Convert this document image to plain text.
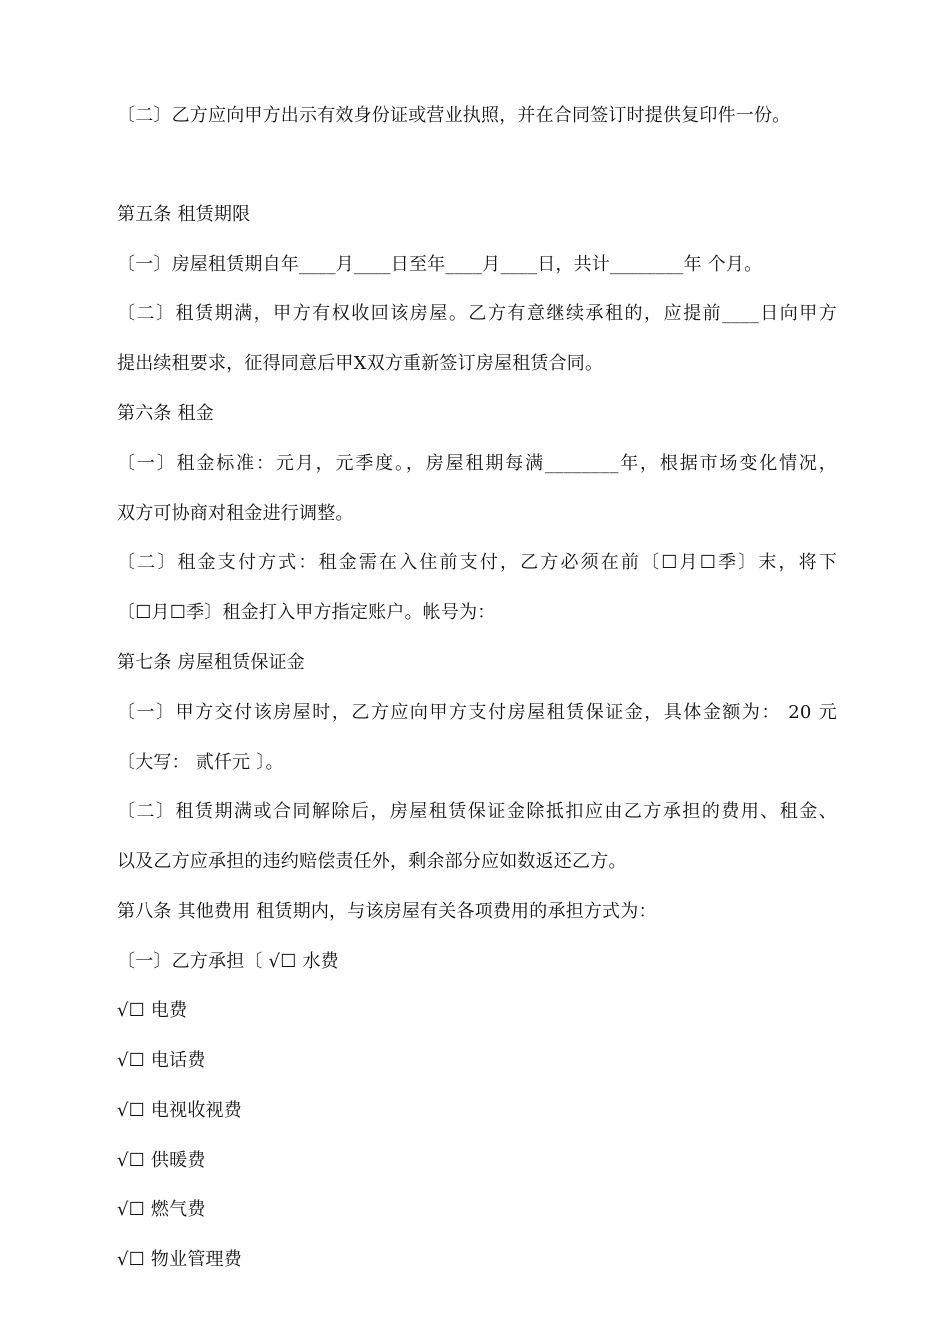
〔二〕乙方应向甲方出示有效身份证或营业执照，并在合同签订时提供复印件一份。
第五条 租赁期限
〔一〕房屋租赁期自年____月____日至年____月____日，共计________年 个月。
〔二〕租赁期满，甲方有权收回该房屋。乙方有意继续承租的，应提前____日向甲方
提出续租要求，征得同意后甲X双方重新签订房屋租赁合同。
第六条 租金
〔一〕租金标准：元月，元季度。，房屋租期每满________年，根据市场变化情况，
双方可协商对租金进行调整。
〔二〕租金支付方式：租金需在入住前支付，乙方必须在前〔☐月☐季〕末，将下
〔☐月☐季〕租金打入甲方指定账户。帐号为：
第七条 房屋租赁保证金
〔一〕甲方交付该房屋时，乙方应向甲方支付房屋租赁保证金，具体金额为： 20 元
〔大写： 贰仟元 〕。
〔二〕租赁期满或合同解除后，房屋租赁保证金除抵扣应由乙方承担的费用、租金、
以及乙方应承担的违约赔偿责任外，剩余部分应如数返还乙方。
第八条 其他费用 租赁期内，与该房屋有关各项费用的承担方式为：
〔一〕乙方承担〔 √☐ 水费
√☐ 电费
√☐ 电话费
√☐ 电视收视费
√☐ 供暖费
√☐ 燃气费
√☐ 物业管理费
